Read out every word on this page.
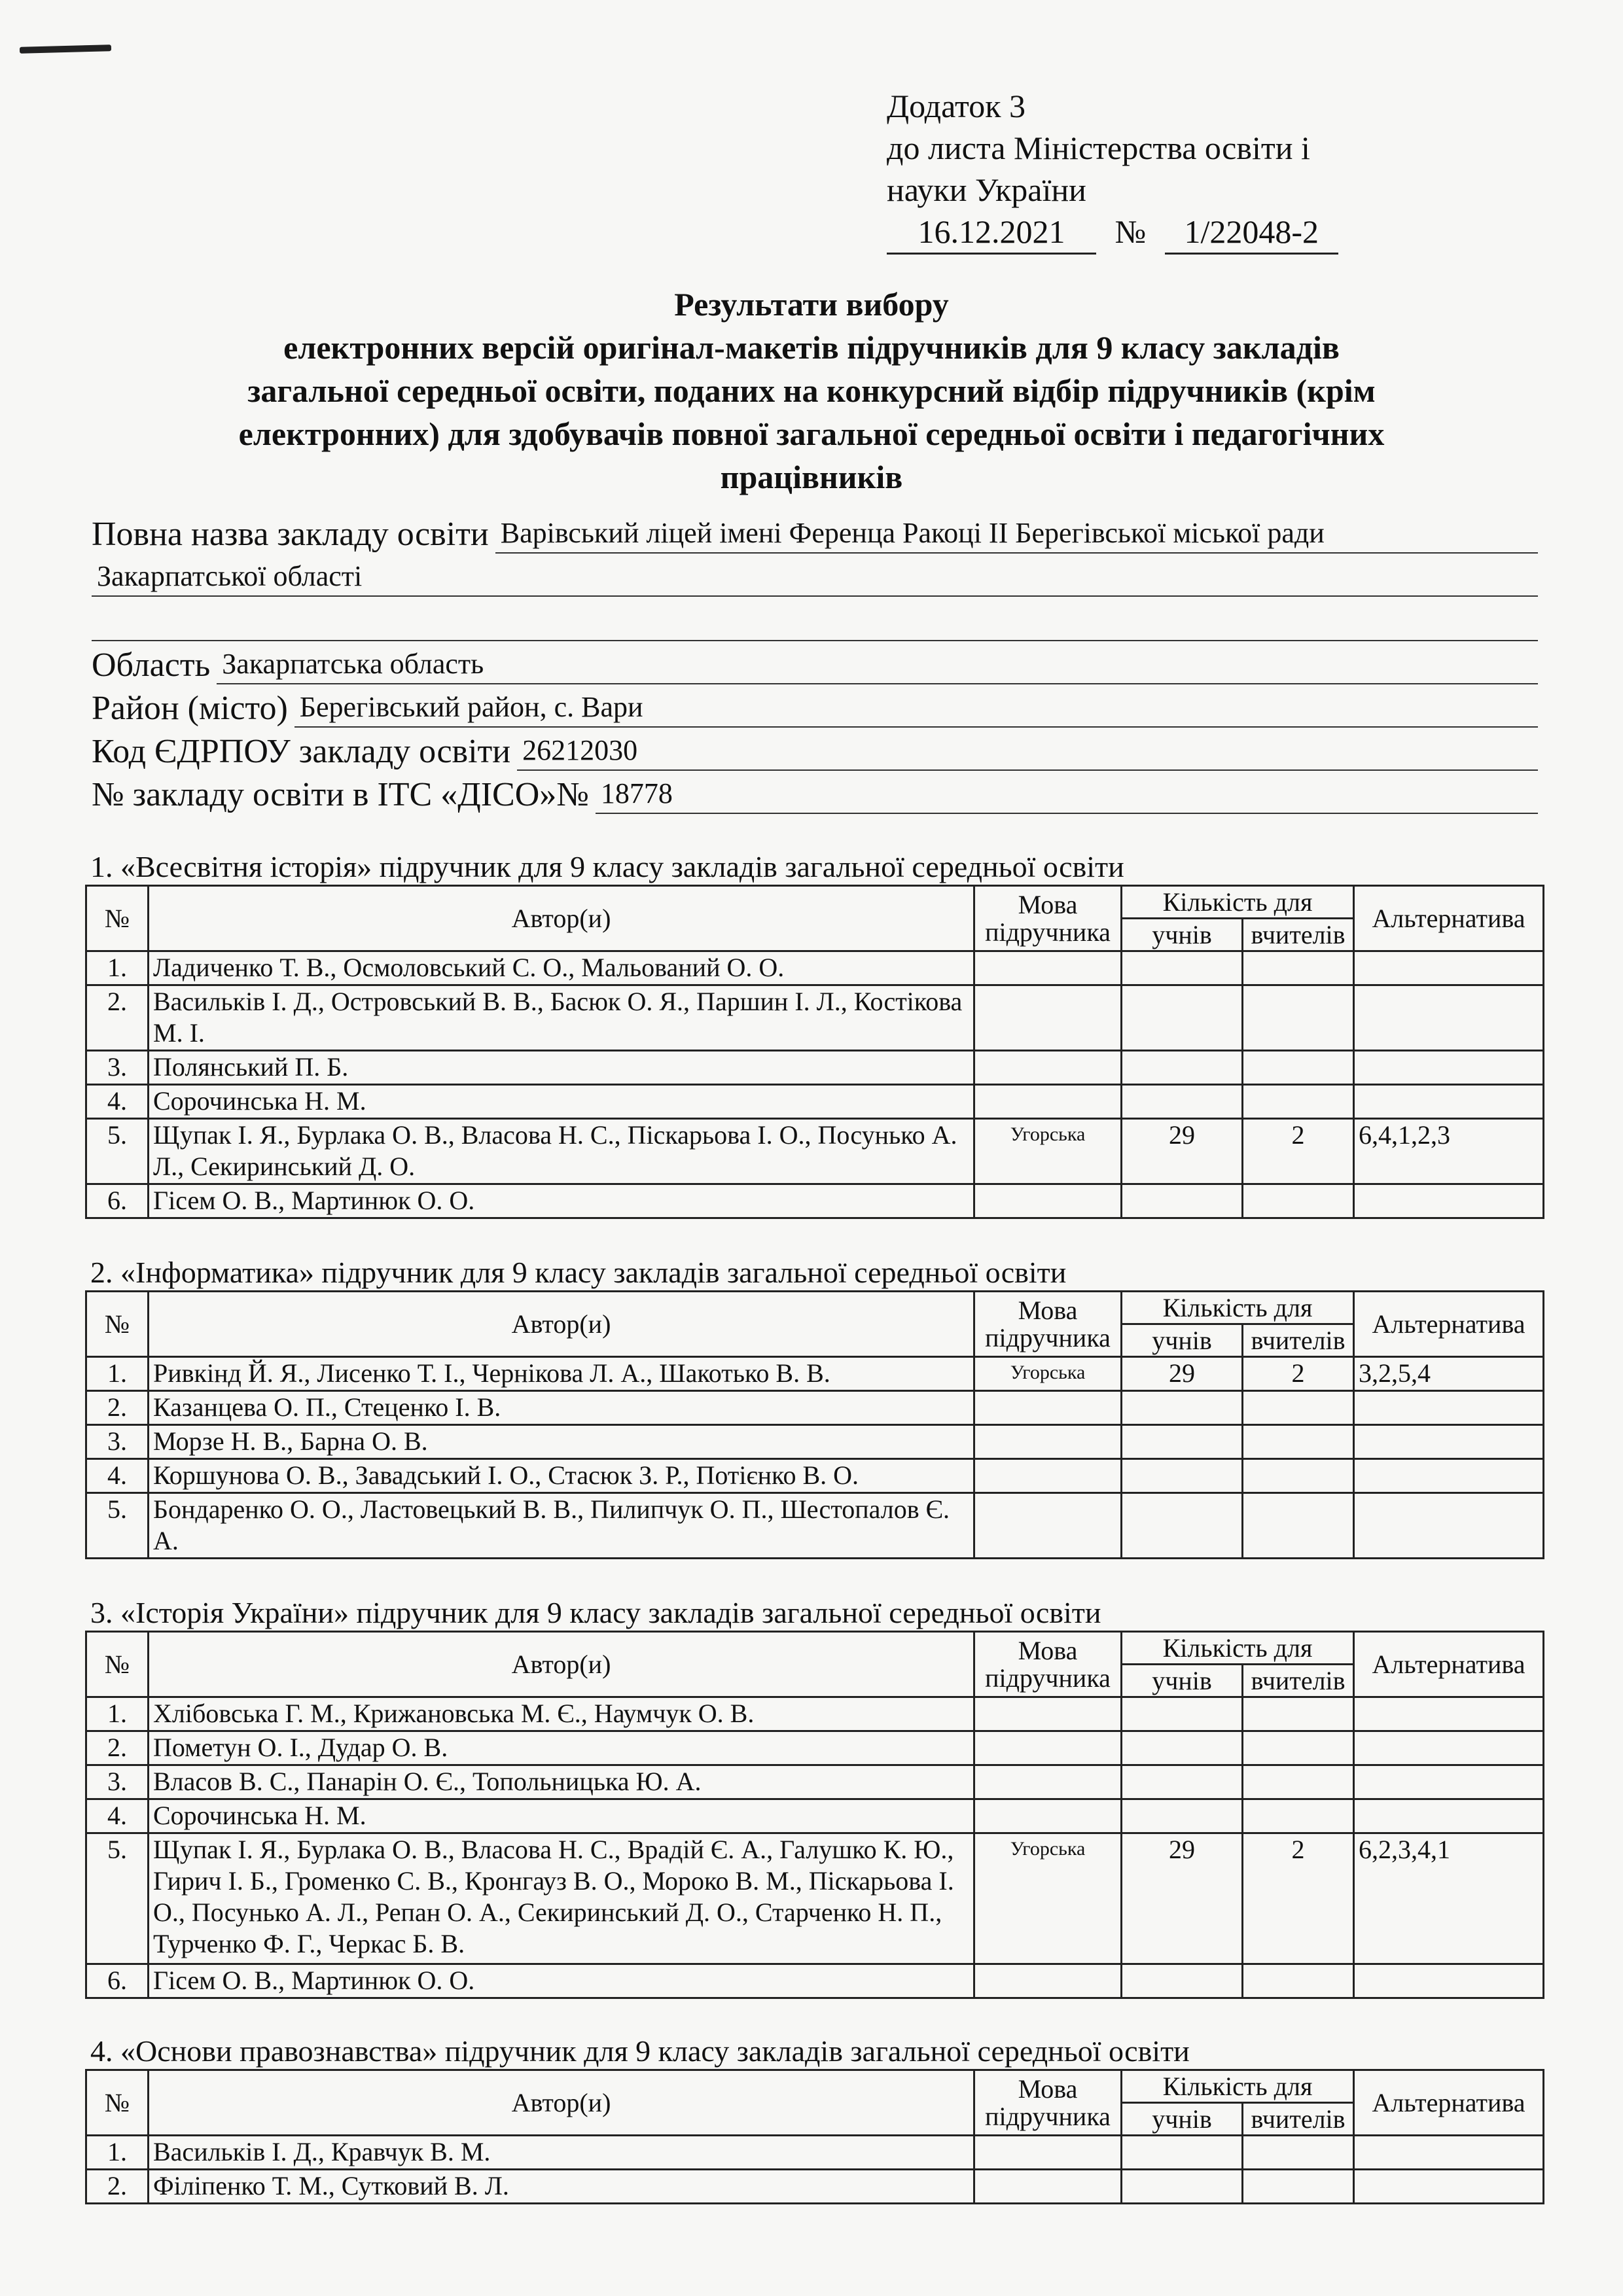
Додаток 3
до листа Міністерства освіти і
науки України
16.12.2021 № 1/22048-2
Результати вибору
електронних версій оригінал-макетів підручників для 9 класу закладів
загальної середньої освіти, поданих на конкурсний відбір підручників (крім
електронних) для здобувачів повної загальної середньої освіти і педагогічних
працівників
Повна назва закладу освіти Варівський ліцей імені Ференца Ракоці ІІ Берегівської міської ради
Закарпатської області
Область Закарпатська область
Район (місто) Берегівський район, с. Вари
Код ЄДРПОУ закладу освіти 26212030
№ закладу освіти в ІТС «ДІСО»№ 18778
1. «Всесвітня історія» підручник для 9 класу закладів загальної середньої освіти
№	Автор(и)	Мова підручника	Кількість для		Альтернатива
			учнів	вчителів	
1.	Ладиченко Т. В., Осмоловський С. О., Мальований О. О.				
2.	Васильків І. Д., Островський В. В., Басюк О. Я., Паршин І. Л., Костікова М. І.				
3.	Полянський П. Б.				
4.	Сорочинська Н. М.				
5.	Щупак І. Я., Бурлака О. В., Власова Н. С., Піскарьова І. О., Посунько А. Л., Секиринський Д. О.	Угорська	29	2	6,4,1,2,3
6.	Гісем О. В., Мартинюк О. О.				
2. «Інформатика» підручник для 9 класу закладів загальної середньої освіти
№	Автор(и)	Мова підручника	Кількість для		Альтернатива
			учнів	вчителів	
1.	Ривкінд Й. Я., Лисенко Т. І., Чернікова Л. А., Шакотько В. В.	Угорська	29	2	3,2,5,4
2.	Казанцева О. П., Стеценко І. В.				
3.	Морзе Н. В., Барна О. В.				
4.	Коршунова О. В., Завадський І. О., Стасюк З. Р., Потієнко В. О.				
5.	Бондаренко О. О., Ластовецький В. В., Пилипчук О. П., Шестопалов Є. А.				
3. «Історія України» підручник для 9 класу закладів загальної середньої освіти
№	Автор(и)	Мова підручника	Кількість для		Альтернатива
			учнів	вчителів	
1.	Хлібовська Г. М., Крижановська М. Є., Наумчук О. В.				
2.	Пометун О. І., Дудар О. В.				
3.	Власов В. С., Панарін О. Є., Топольницька Ю. А.				
4.	Сорочинська Н. М.				
5.	Щупак І. Я., Бурлака О. В., Власова Н. С., Врадій Є. А., Галушко К. Ю., Гирич І. Б., Громенко С. В., Кронгауз В. О., Мороко В. М., Піскарьова І. О., Посунько А. Л., Репан О. А., Секиринський Д. О., Старченко Н. П., Турченко Ф. Г., Черкас Б. В.	Угорська	29	2	6,2,3,4,1
6.	Гісем О. В., Мартинюк О. О.				
4. «Основи правознавства» підручник для 9 класу закладів загальної середньої освіти
№	Автор(и)	Мова підручника	Кількість для		Альтернатива
			учнів	вчителів	
1.	Васильків І. Д., Кравчук В. М.				
2.	Філіпенко Т. М., Сутковий В. Л.				
